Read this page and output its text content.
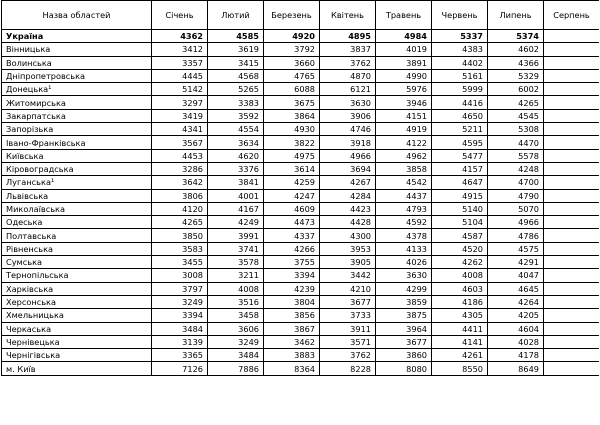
Назва областей	Січень	Лютий	Березень	Квітень	Травень	Червень	Липень	Серпень
Україна	4362	4585	4920	4895	4984	5337	5374	
Вінницька	3412	3619	3792	3837	4019	4383	4602	
Волинська	3357	3415	3660	3762	3891	4402	4366	
Дніпропетровська	4445	4568	4765	4870	4990	5161	5329	
Донецька¹	5142	5265	6088	6121	5976	5999	6002	
Житомирська	3297	3383	3675	3630	3946	4416	4265	
Закарпатська	3419	3592	3864	3906	4151	4650	4545	
Запорізька	4341	4554	4930	4746	4919	5211	5308	
Івано-Франківська	3567	3634	3822	3918	4122	4595	4470	
Київська	4453	4620	4975	4966	4962	5477	5578	
Кіровоградська	3286	3376	3614	3694	3858	4157	4248	
Луганська¹	3642	3841	4259	4267	4542	4647	4700	
Львівська	3806	4001	4247	4284	4437	4915	4790	
Миколаївська	4120	4167	4609	4423	4793	5140	5070	
Одеська	4265	4249	4473	4428	4592	5104	4966	
Полтавська	3850	3991	4337	4300	4378	4587	4786	
Рівненська	3583	3741	4266	3953	4133	4520	4575	
Сумська	3455	3578	3755	3905	4026	4262	4291	
Тернопільська	3008	3211	3394	3442	3630	4008	4047	
Харківська	3797	4008	4239	4210	4299	4603	4645	
Херсонська	3249	3516	3804	3677	3859	4186	4264	
Хмельницька	3394	3458	3856	3733	3875	4305	4205	
Черкаська	3484	3606	3867	3911	3964	4411	4604	
Чернівецька	3139	3249	3462	3571	3677	4141	4028	
Чернігівська	3365	3484	3883	3762	3860	4261	4178	
м. Київ	7126	7886	8364	8228	8080	8550	8649	
